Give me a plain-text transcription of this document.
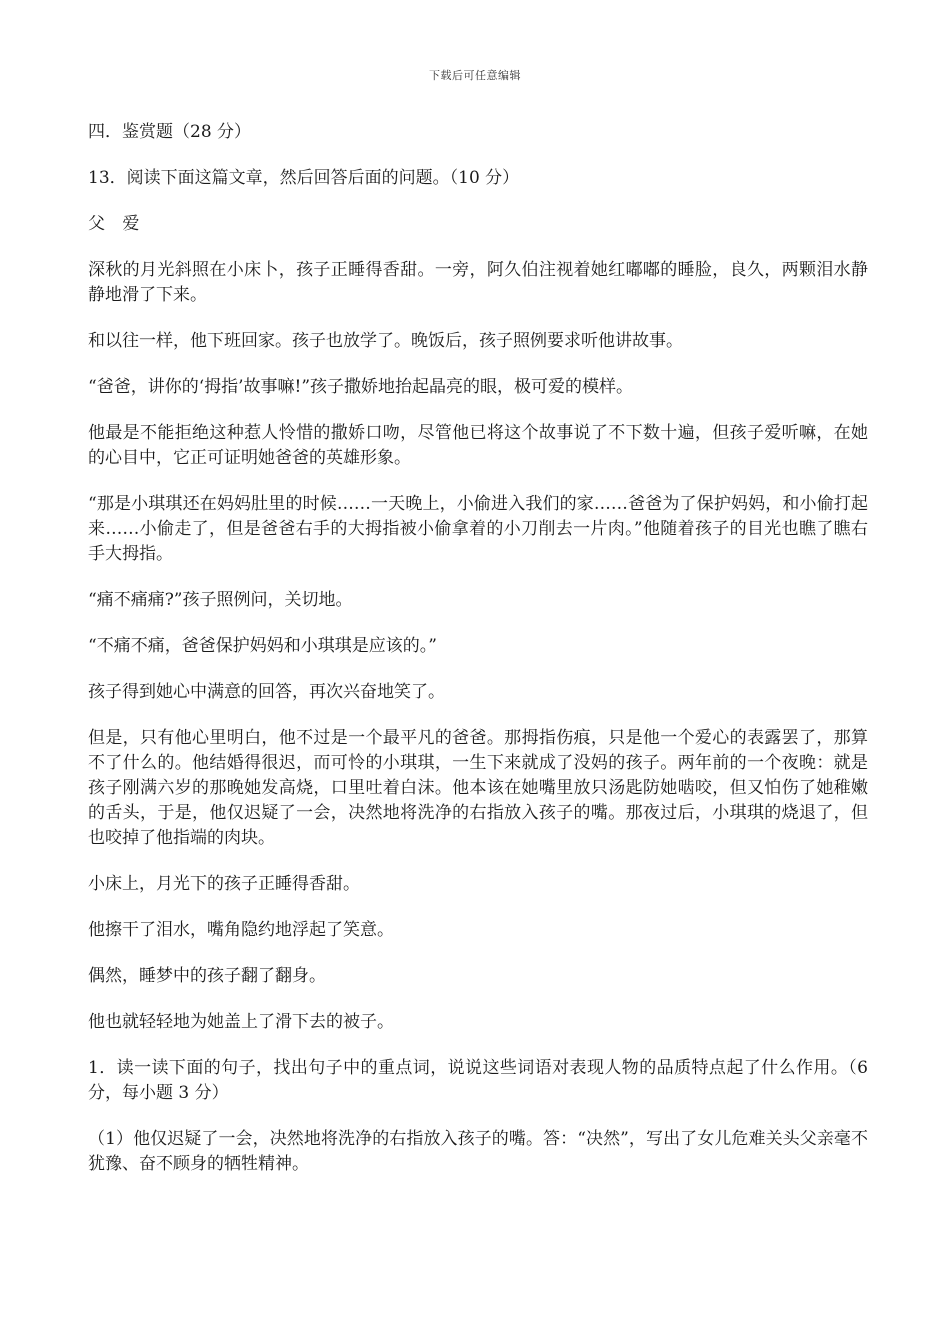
下载后可任意编辑

四．鉴赏题（28 分）

13．阅读下面这篇文章，然后回答后面的问题。（10 分）

父 爱

深秋的月光斜照在小床卜，孩子正睡得香甜。一旁，阿久伯注视着她红嘟嘟的睡脸，良久，两颗泪水静静地滑了下来。

和以往一样，他下班回家。孩子也放学了。晚饭后，孩子照例要求听他讲故事。

“爸爸，讲你的‘拇指’故事嘛!”孩子撒娇地抬起晶亮的眼，极可爱的模样。

他最是不能拒绝这种惹人怜惜的撒娇口吻，尽管他已将这个故事说了不下数十遍，但孩子爱听嘛，在她的心目中，它正可证明她爸爸的英雄形象。

“那是小琪琪还在妈妈肚里的时候……一天晚上，小偷进入我们的家……爸爸为了保护妈妈，和小偷打起来……小偷走了，但是爸爸右手的大拇指被小偷拿着的小刀削去一片肉。”他随着孩子的目光也瞧了瞧右手大拇指。

“痛不痛痛?”孩子照例问，关切地。

“不痛不痛，爸爸保护妈妈和小琪琪是应该的。”

孩子得到她心中满意的回答，再次兴奋地笑了。

但是，只有他心里明白，他不过是一个最平凡的爸爸。那拇指伤痕，只是他一个爱心的表露罢了，那算不了什么的。他结婚得很迟，而可怜的小琪琪，一生下来就成了没妈的孩子。两年前的一个夜晚：就是孩子刚满六岁的那晚她发高烧，口里吐着白沫。他本该在她嘴里放只汤匙防她啮咬，但又怕伤了她稚嫩的舌头，于是，他仅迟疑了一会，决然地将洗净的右指放入孩子的嘴。那夜过后，小琪琪的烧退了，但也咬掉了他指端的肉块。

小床上，月光下的孩子正睡得香甜。

他擦干了泪水，嘴角隐约地浮起了笑意。

偶然，睡梦中的孩子翻了翻身。

他也就轻轻地为她盖上了滑下去的被子。

1．读一读下面的句子，找出句子中的重点词，说说这些词语对表现人物的品质特点起了什么作用。（6 分，每小题 3 分）

（1）他仅迟疑了一会，决然地将洗净的右指放入孩子的嘴。答：“决然”，写出了女儿危难关头父亲毫不犹豫、奋不顾身的牺牲精神。
